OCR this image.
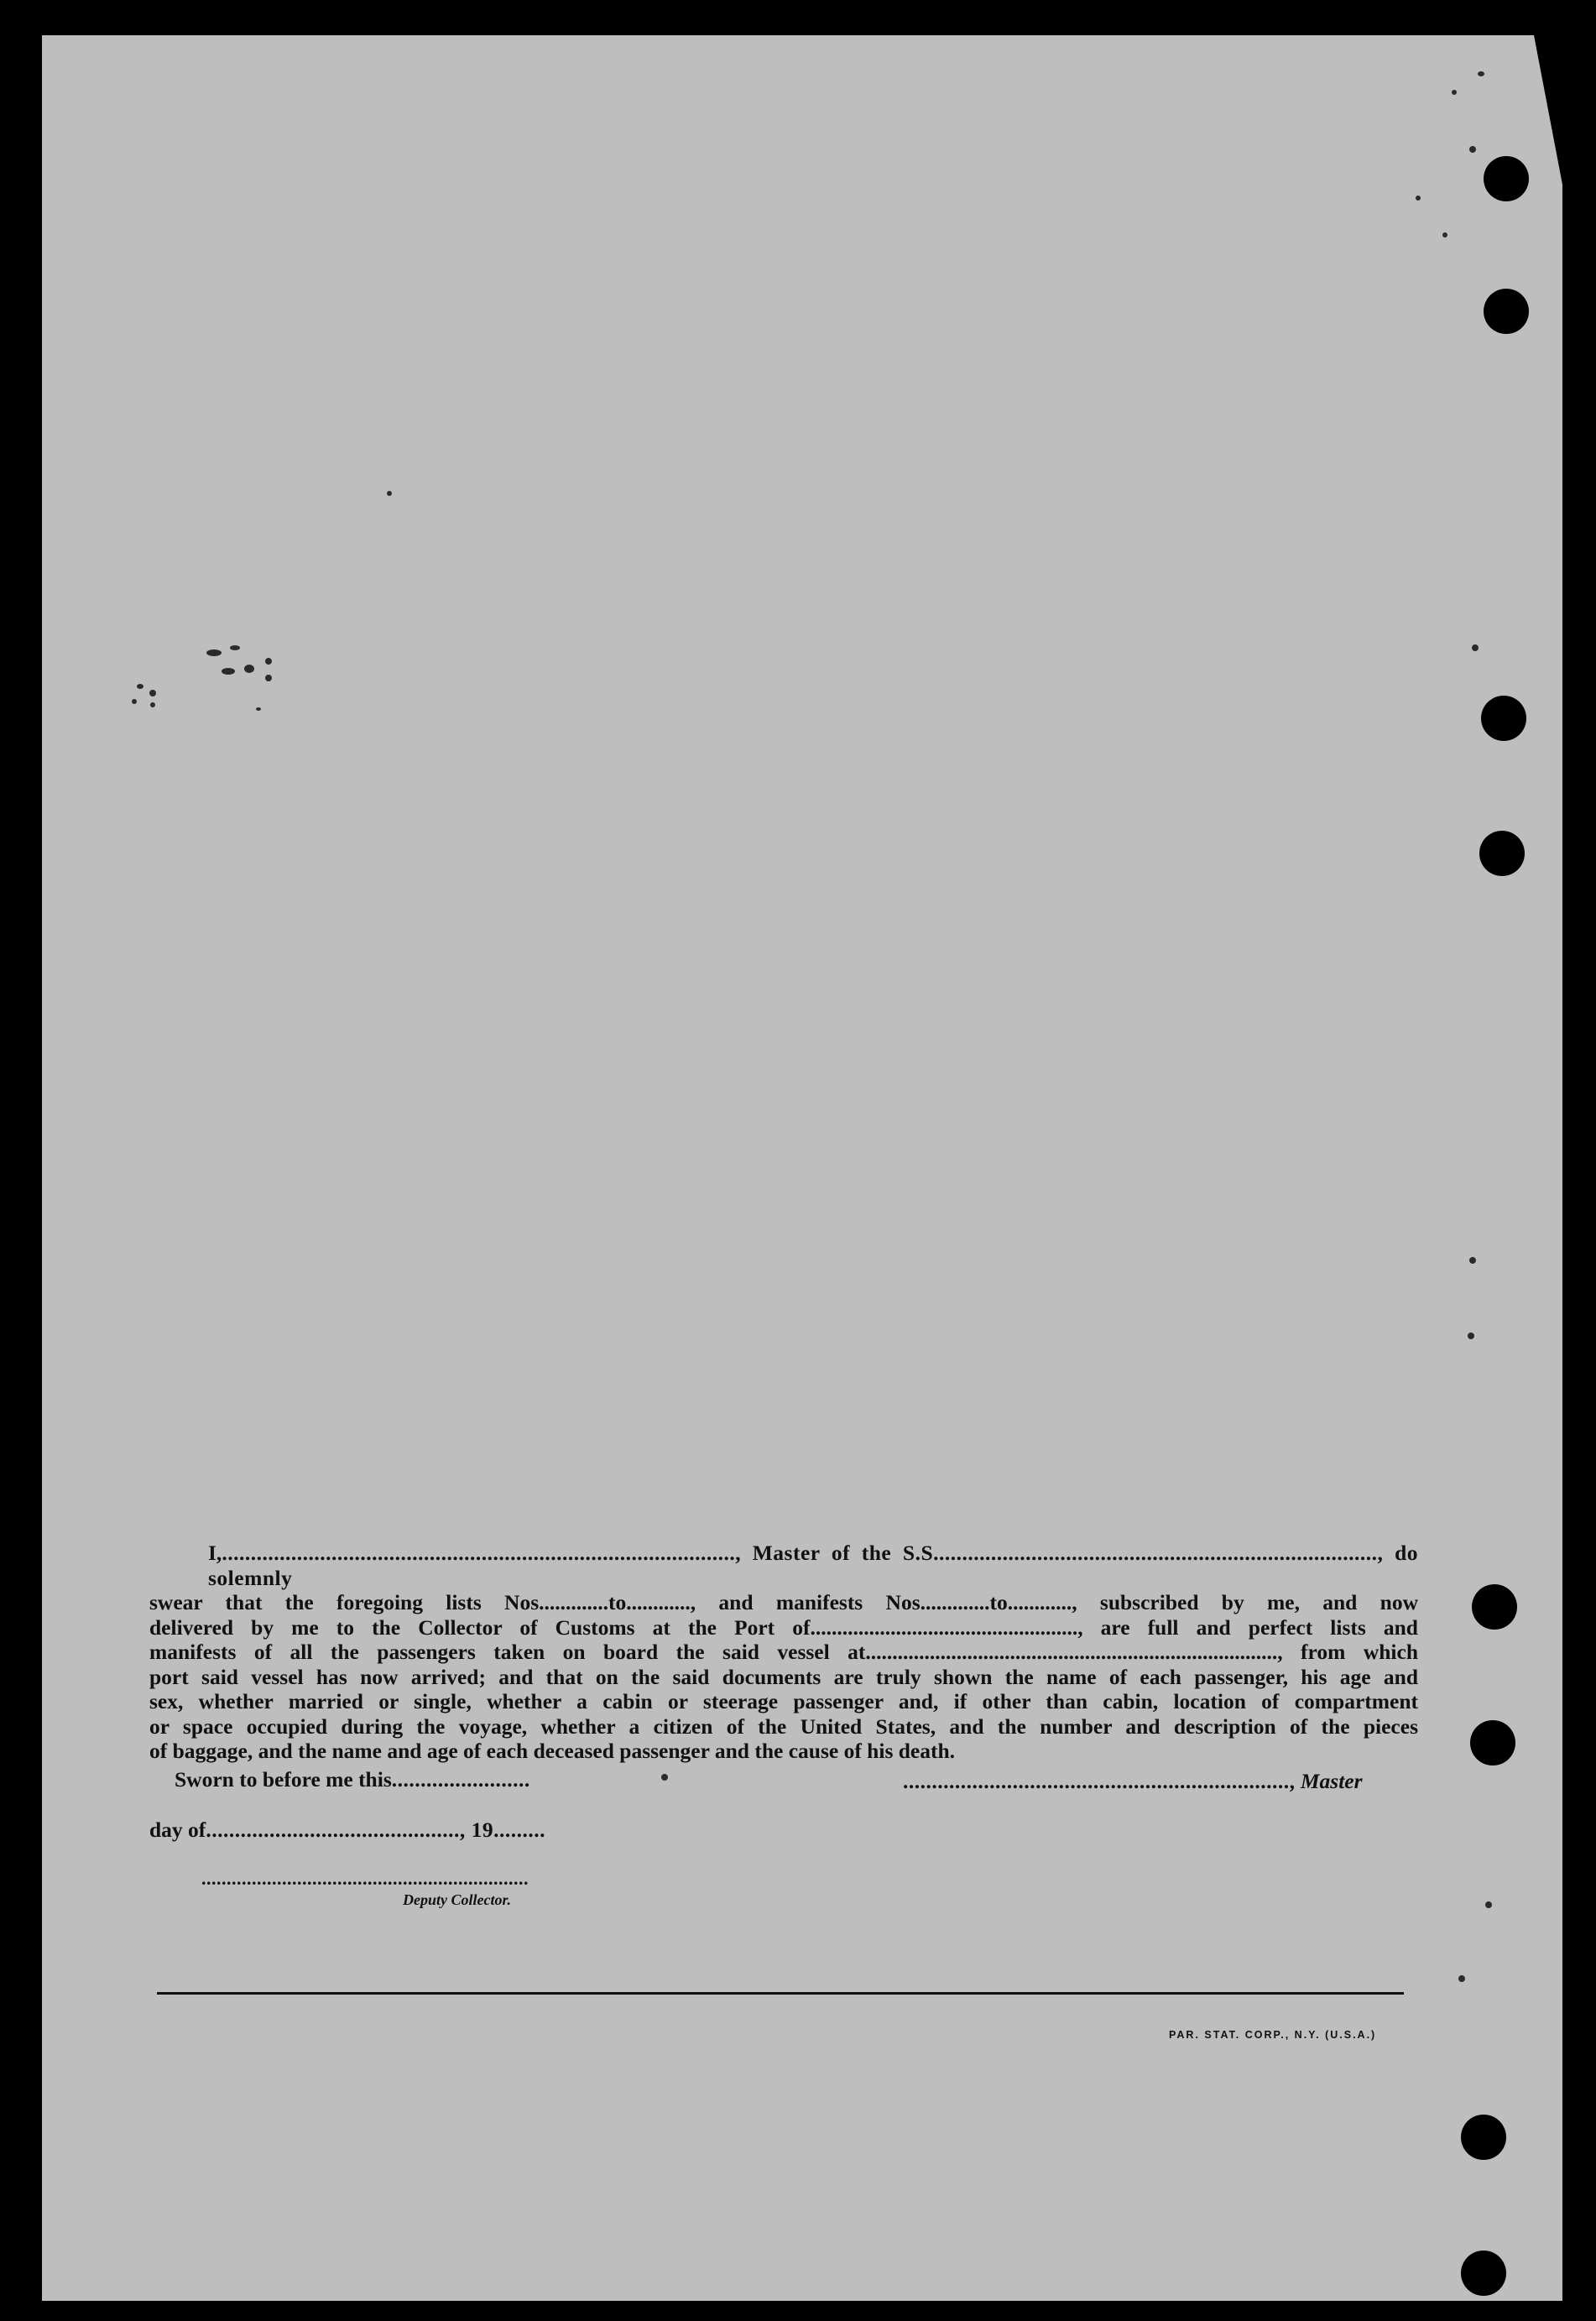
I,........................................................................................., Master of the S.S............................................................................., do solemnly
swear that the foregoing lists Nos.............to............, and manifests Nos.............to............, subscribed by me, and now
delivered by me to the Collector of Customs at the Port of.................................................., are full and perfect lists and
manifests of all the passengers taken on board the said vessel at............................................................................., from which
port said vessel has now arrived; and that on the said documents are truly shown the name of each passenger, his age and
sex, whether married or single, whether a cabin or steerage passenger and, if other than cabin, location of compartment
or space occupied during the voyage, whether a citizen of the United States, and the number and description of the pieces
of baggage, and the name and age of each deceased passenger and the cause of his death.
Sworn to before me this........................	..................................................................., Master
day of............................................, 19.........
.................................................................
Deputy Collector.
PAR. STAT. CORP., N.Y. (U.S.A.)
